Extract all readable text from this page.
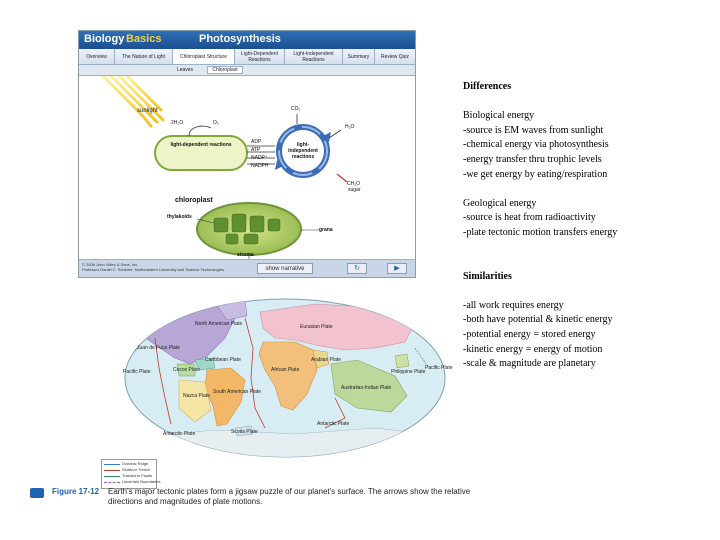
Biology Basics	Photosynthesis
Overview	The Nature of Light	Chloroplast Structure	Light-Dependent Reactions
Light-Independent Reactions	Summary	Review Quiz
Leaves	Chloroplast
sunlight
2H₂O	O₂
light-dependent reactions	ADP
ATP
NADP⁺
NADPH
CO₂
light-independent reactions
H₂O
CH₂O
sugar
chloroplast
thylakoids
grana
stroma
© 2006 John Wiley & Sons, Inc.
Professor Daniel C. Scheirer, Northeastern University and Science Technologies	show narrative	↻	▶
North American Plate	Eurasian Plate
Pacific Plate
Pacific Plate
Juan de Fuca Plate
Caribbean Plate
Cocos Plate
Nazca Plate
South American Plate
African Plate
Arabian Plate
Australian-Indian Plate
Philippine Plate
Antarctic Plate
Antarctic Plate
Scotia Plate
Oceanic Ridge
Seafloor Trench
Transform Faults
Uncertain Boundaries
Figure 17-12 Earth's major tectonic plates form a jigsaw puzzle of our planet's surface. The arrows show the relative directions and magnitudes of plate motions.
Differences
Biological energy
-source is EM waves from sunlight
-chemical energy via photosynthesis
-energy transfer thru trophic levels
-we get energy by eating/respiration
Geological energy
-source is heat from radioactivity
-plate tectonic motion transfers energy
Similarities
-all work requires energy
-both have potential & kinetic energy
-potential energy = stored energy
-kinetic energy = energy of motion
-scale & magnitude are planetary
